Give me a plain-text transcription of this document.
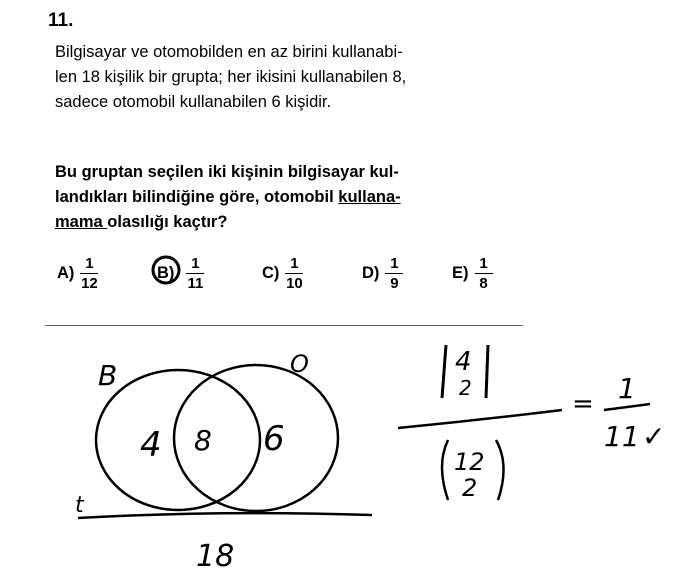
11.
Bilgisayar ve otomobilden en az birini kullanabi-
len 18 kişilik bir grupta; her ikisini kullanabilen 8,
sadece otomobil kullanabilen 6 kişidir.
Bu gruptan seçilen iki kişinin bilgisayar kul-
landıkları bilindiğine göre, otomobil kullana-
mama olasılığı kaçtır?
$A) \frac{1}{12}$	$B) \frac{1}{11}$	$C) \frac{1}{10}$	$D) \frac{1}{9}$	$E) \frac{1}{8}$
B	O
4 8 6
t
18
4
2
12
2
= 1
11 ✓
